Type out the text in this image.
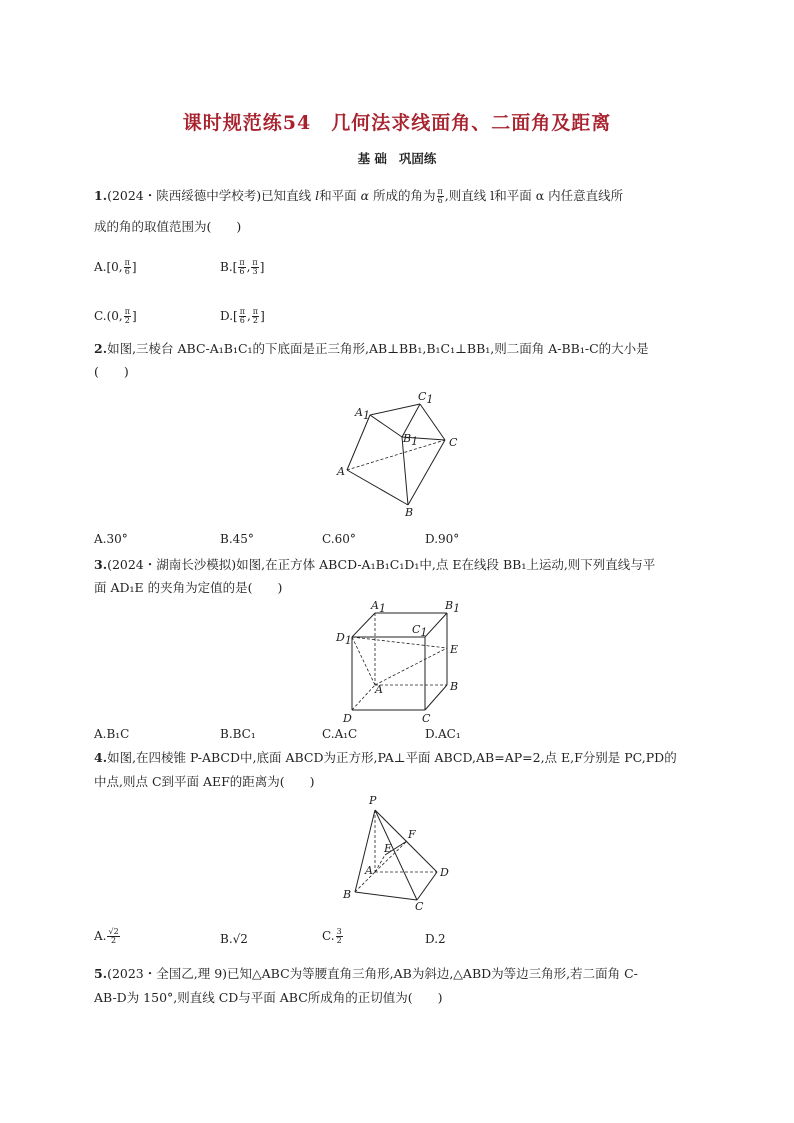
课时规范练54　几何法求线面角、二面角及距离
基 础 巩固练
1.(2024・陕西绥德中学校考)已知直线 l和平面 α 所成的角为 $\frac{\pi}{6}$ ,则直线 l和平面 α 内任意直线所
成的角的取值范围为(　　)
A.[0, $\frac{\pi}{6}$ ]	$B.[ \frac{\pi}{6}$ , $\frac{\pi}{3}$ ]
C.(0, $\frac{\pi}{2}$ ]	$D.[ \frac{\pi}{6}$ , $\frac{\pi}{2}$ ]
2.如图,三棱台 ABC-A₁B₁C₁的下底面是正三角形,AB⊥BB₁,B₁C₁⊥BB₁,则二面角 A-BB₁-C的大小是
(　　)
A1
C1
B1	C
A
B
A.30°	B.45°	C.60°	D.90°
3.(2024・湖南长沙模拟)如图,在正方体 ABCD-A₁B₁C₁D₁中,点 E在线段 BB₁上运动,则下列直线与平
面 AD₁E 的夹角为定值的是(　　)
A1	B1
D1
C1
E
A	B
D	C
A.B₁C	B.BC₁	C.A₁C	D.AC₁
4.如图,在四棱锥 P-ABCD中,底面 ABCD为正方形,PA⊥平面 ABCD,AB=AP=2,点 E,F分别是 PC,PD的
中点,则点 C到平面 AEF的距离为(　　)
P
F
E
A	D
B
C
A. $\frac{√2}{2}$	B.√2	C. $\frac{3}{2}$	D.2
5.(2023・全国乙,理 9)已知△ABC为等腰直角三角形,AB为斜边,△ABD为等边三角形,若二面角 C-
AB-D为 150°,则直线 CD与平面 ABC所成角的正切值为(　　)
